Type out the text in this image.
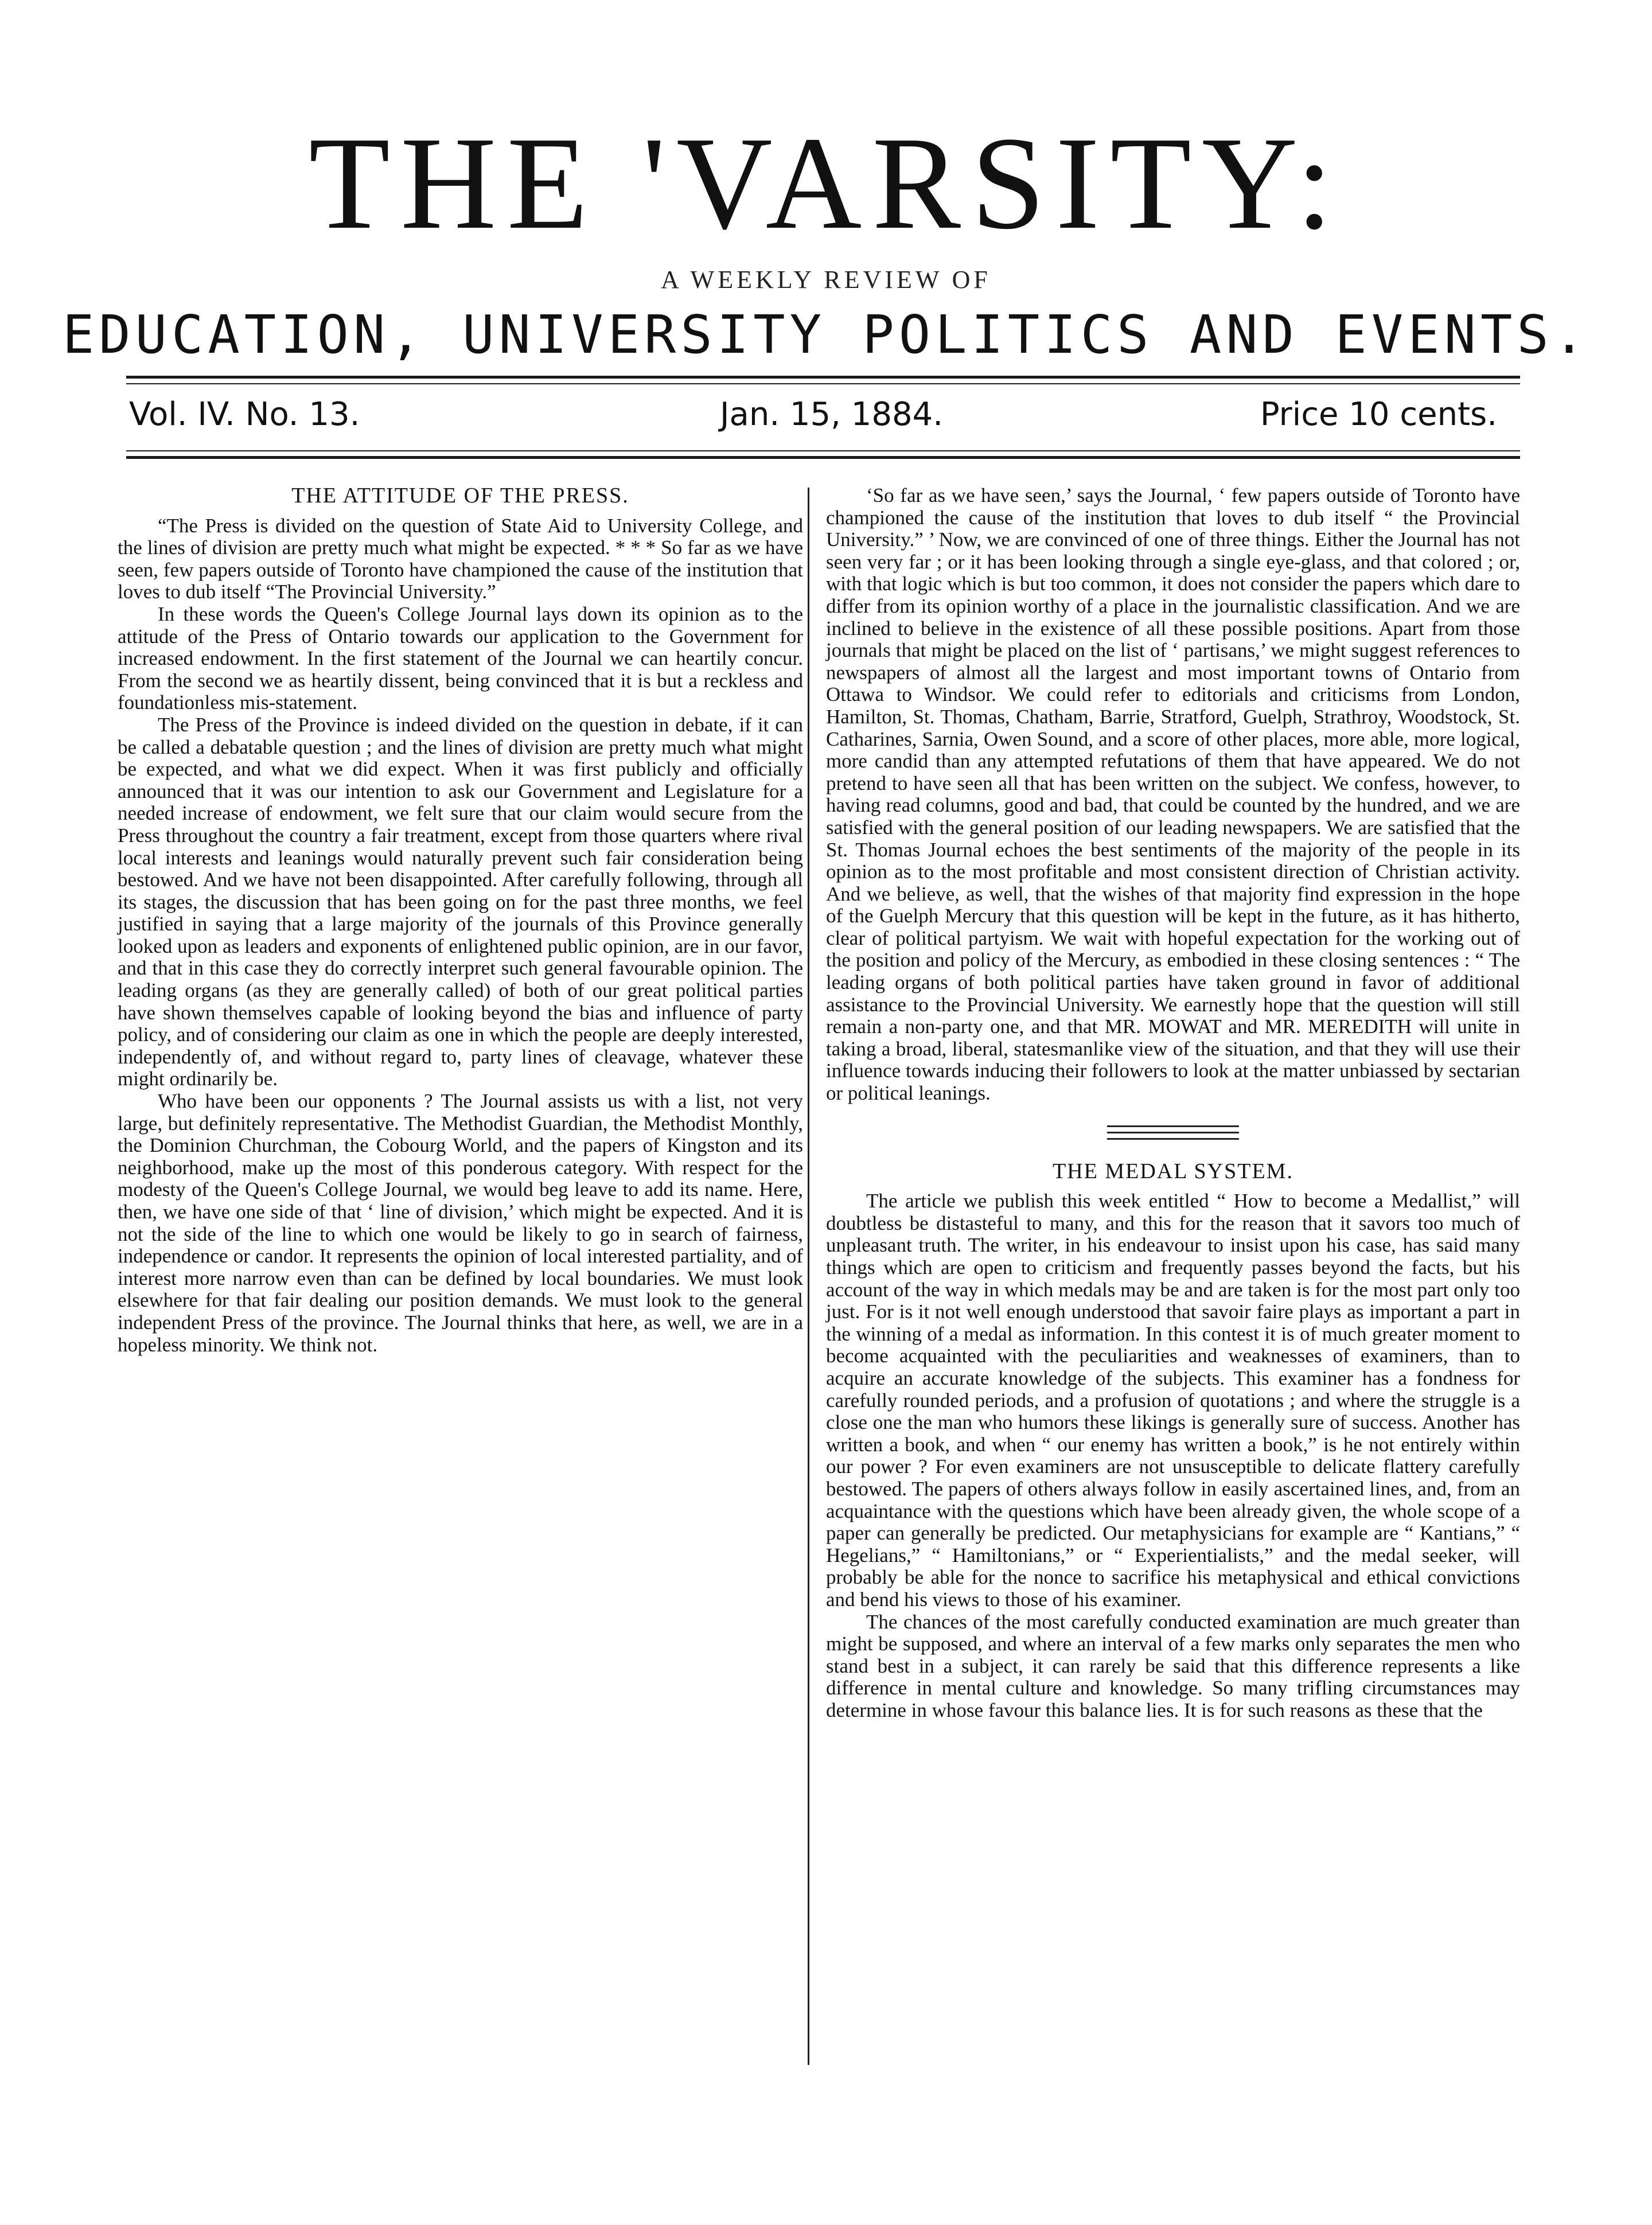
THE 'VARSITY:
A WEEKLY REVIEW OF
EDUCATION, UNIVERSITY POLITICS AND EVENTS.
Vol. IV. No. 13.	Jan. 15, 1884.	Price 10 cents.
THE ATTITUDE OF THE PRESS.

“The Press is divided on the question of State Aid to University College, and the lines of division are pretty much what might be expected. * * * So far as we have seen, few papers outside of Toronto have championed the cause of the institution that loves to dub itself “The Provincial University.”

In these words the Queen's College Journal lays down its opinion as to the attitude of the Press of Ontario towards our application to the Government for increased endowment. In the first statement of the Journal we can heartily concur. From the second we as heartily dissent, being convinced that it is but a reckless and foundationless mis-statement.

The Press of the Province is indeed divided on the question in debate, if it can be called a debatable question ; and the lines of division are pretty much what might be expected, and what we did expect. When it was first publicly and officially announced that it was our intention to ask our Government and Legislature for a needed increase of endowment, we felt sure that our claim would secure from the Press throughout the country a fair treatment, except from those quarters where rival local interests and leanings would naturally prevent such fair consideration being bestowed. And we have not been disappointed. After carefully following, through all its stages, the discussion that has been going on for the past three months, we feel justified in saying that a large majority of the journals of this Province generally looked upon as leaders and exponents of enlightened public opinion, are in our favor, and that in this case they do correctly interpret such general favourable opinion. The leading organs (as they are generally called) of both of our great political parties have shown themselves capable of looking beyond the bias and influence of party policy, and of considering our claim as one in which the people are deeply interested, independently of, and without regard to, party lines of cleavage, whatever these might ordinarily be.

Who have been our opponents ? The Journal assists us with a list, not very large, but definitely representative. The Methodist Guardian, the Methodist Monthly, the Dominion Churchman, the Cobourg World, and the papers of Kingston and its neighborhood, make up the most of this ponderous category. With respect for the modesty of the Queen's College Journal, we would beg leave to add its name. Here, then, we have one side of that ‘ line of division,’ which might be expected. And it is not the side of the line to which one would be likely to go in search of fairness, independence or candor. It represents the opinion of local interested partiality, and of interest more narrow even than can be defined by local boundaries. We must look elsewhere for that fair dealing our position demands. We must look to the general independent Press of the province. The Journal thinks that here, as well, we are in a hopeless minority. We think not.

‘So far as we have seen,’ says the Journal, ‘ few papers outside of Toronto have championed the cause of the institution that loves to dub itself “ the Provincial University.” ’ Now, we are convinced of one of three things. Either the Journal has not seen very far ; or it has been looking through a single eye-glass, and that colored ; or, with that logic which is but too common, it does not consider the papers which dare to differ from its opinion worthy of a place in the journalistic classification. And we are inclined to believe in the existence of all these possible positions. Apart from those journals that might be placed on the list of ‘ partisans,’ we might suggest references to newspapers of almost all the largest and most important towns of Ontario from Ottawa to Windsor. We could refer to editorials and criticisms from London, Hamilton, St. Thomas, Chatham, Barrie, Stratford, Guelph, Strathroy, Woodstock, St. Catharines, Sarnia, Owen Sound, and a score of other places, more able, more logical, more candid than any attempted refutations of them that have appeared. We do not pretend to have seen all that has been written on the subject. We confess, however, to having read columns, good and bad, that could be counted by the hundred, and we are satisfied with the general position of our leading newspapers. We are satisfied that the St. Thomas Journal echoes the best sentiments of the majority of the people in its opinion as to the most profitable and most consistent direction of Christian activity. And we believe, as well, that the wishes of that majority find expression in the hope of the Guelph Mercury that this question will be kept in the future, as it has hitherto, clear of political partyism. We wait with hopeful expectation for the working out of the position and policy of the Mercury, as embodied in these closing sentences : “ The leading organs of both political parties have taken ground in favor of additional assistance to the Provincial University. We earnestly hope that the question will still remain a non-party one, and that MR. MOWAT and MR. MEREDITH will unite in taking a broad, liberal, statesmanlike view of the situation, and that they will use their influence towards inducing their followers to look at the matter unbiassed by sectarian or political leanings.

THE MEDAL SYSTEM.

The article we publish this week entitled “ How to become a Medallist,” will doubtless be distasteful to many, and this for the reason that it savors too much of unpleasant truth. The writer, in his endeavour to insist upon his case, has said many things which are open to criticism and frequently passes beyond the facts, but his account of the way in which medals may be and are taken is for the most part only too just. For is it not well enough understood that savoir faire plays as important a part in the winning of a medal as information. In this contest it is of much greater moment to become acquainted with the peculiarities and weaknesses of examiners, than to acquire an accurate knowledge of the subjects. This examiner has a fondness for carefully rounded periods, and a profusion of quotations ; and where the struggle is a close one the man who humors these likings is generally sure of success. Another has written a book, and when “ our enemy has written a book,” is he not entirely within our power ? For even examiners are not unsusceptible to delicate flattery carefully bestowed. The papers of others always follow in easily ascertained lines, and, from an acquaintance with the questions which have been already given, the whole scope of a paper can generally be predicted. Our metaphysicians for example are “ Kantians,” “ Hegelians,” “ Hamiltonians,” or “ Experientialists,” and the medal seeker, will probably be able for the nonce to sacrifice his metaphysical and ethical convictions and bend his views to those of his examiner.

The chances of the most carefully conducted examination are much greater than might be supposed, and where an interval of a few marks only separates the men who stand best in a subject, it can rarely be said that this difference represents a like difference in mental culture and knowledge. So many trifling circumstances may determine in whose favour this balance lies. It is for such reasons as these that the
